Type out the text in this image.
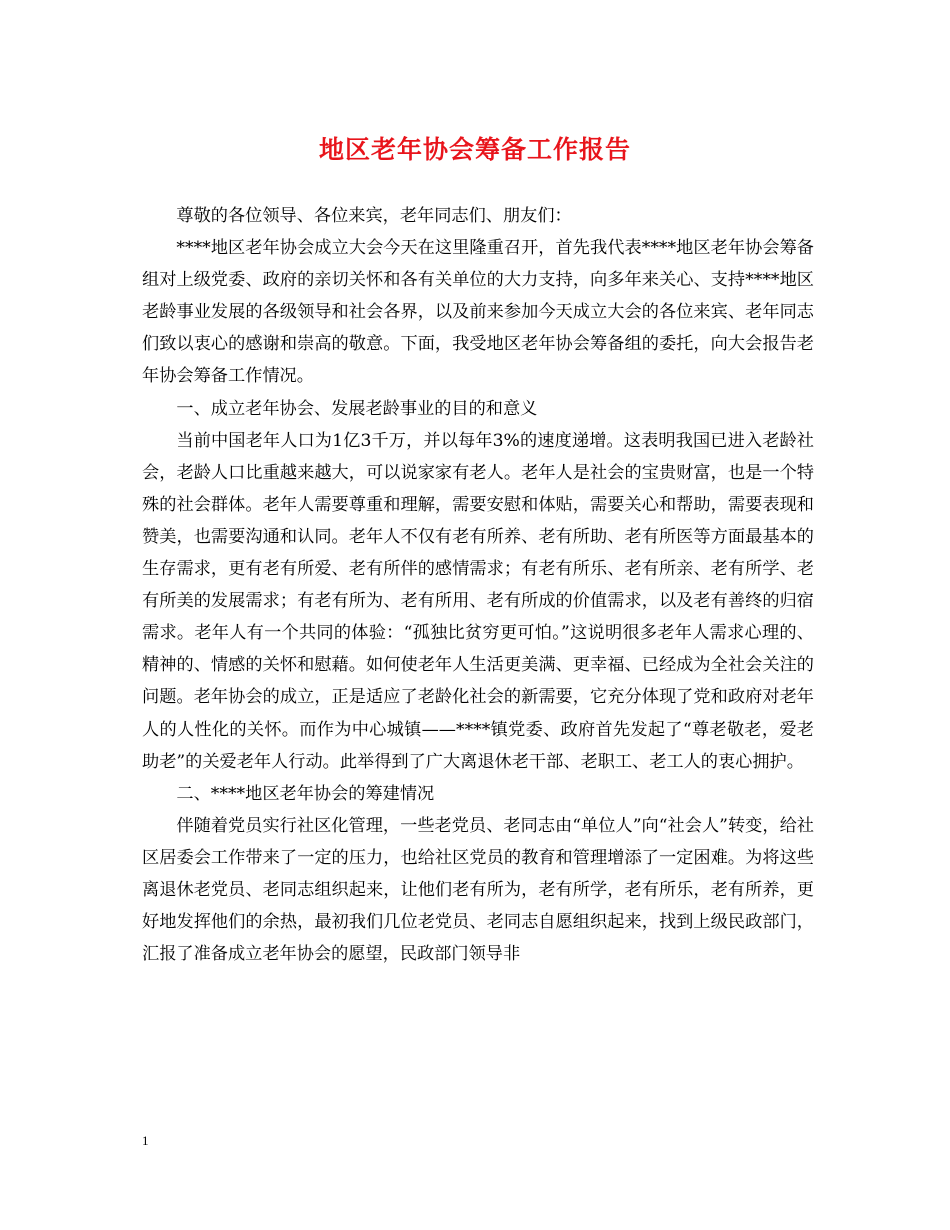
地区老年协会筹备工作报告

尊敬的各位领导、各位来宾，老年同志们、朋友们：

****地区老年协会成立大会今天在这里隆重召开，首先我代表****地区老年协会筹备组对上级党委、政府的亲切关怀和各有关单位的大力支持，向多年来关心、支持****地区老龄事业发展的各级领导和社会各界，以及前来参加今天成立大会的各位来宾、老年同志们致以衷心的感谢和崇高的敬意。下面，我受地区老年协会筹备组的委托，向大会报告老年协会筹备工作情况。

一、成立老年协会、发展老龄事业的目的和意义

当前中国老年人口为1亿3千万，并以每年3%的速度递增。这表明我国已进入老龄社会，老龄人口比重越来越大，可以说家家有老人。老年人是社会的宝贵财富，也是一个特殊的社会群体。老年人需要尊重和理解，需要安慰和体贴，需要关心和帮助，需要表现和赞美，也需要沟通和认同。老年人不仅有老有所养、老有所助、老有所医等方面最基本的生存需求，更有老有所爱、老有所伴的感情需求；有老有所乐、老有所亲、老有所学、老有所美的发展需求；有老有所为、老有所用、老有所成的价值需求，以及老有善终的归宿需求。老年人有一个共同的体验：“孤独比贫穷更可怕。”这说明很多老年人需求心理的、精神的、情感的关怀和慰藉。如何使老年人生活更美满、更幸福、已经成为全社会关注的问题。老年协会的成立，正是适应了老龄化社会的新需要，它充分体现了党和政府对老年人的人性化的关怀。而作为中心城镇——****镇党委、政府首先发起了“尊老敬老，爱老助老”的关爱老年人行动。此举得到了广大离退休老干部、老职工、老工人的衷心拥护。

二、****地区老年协会的筹建情况

伴随着党员实行社区化管理，一些老党员、老同志由“单位人”向“社会人”转变，给社区居委会工作带来了一定的压力，也给社区党员的教育和管理增添了一定困难。为将这些离退休老党员、老同志组织起来，让他们老有所为，老有所学，老有所乐，老有所养，更好地发挥他们的余热，最初我们几位老党员、老同志自愿组织起来，找到上级民政部门，汇报了准备成立老年协会的愿望，民政部门领导非

1
